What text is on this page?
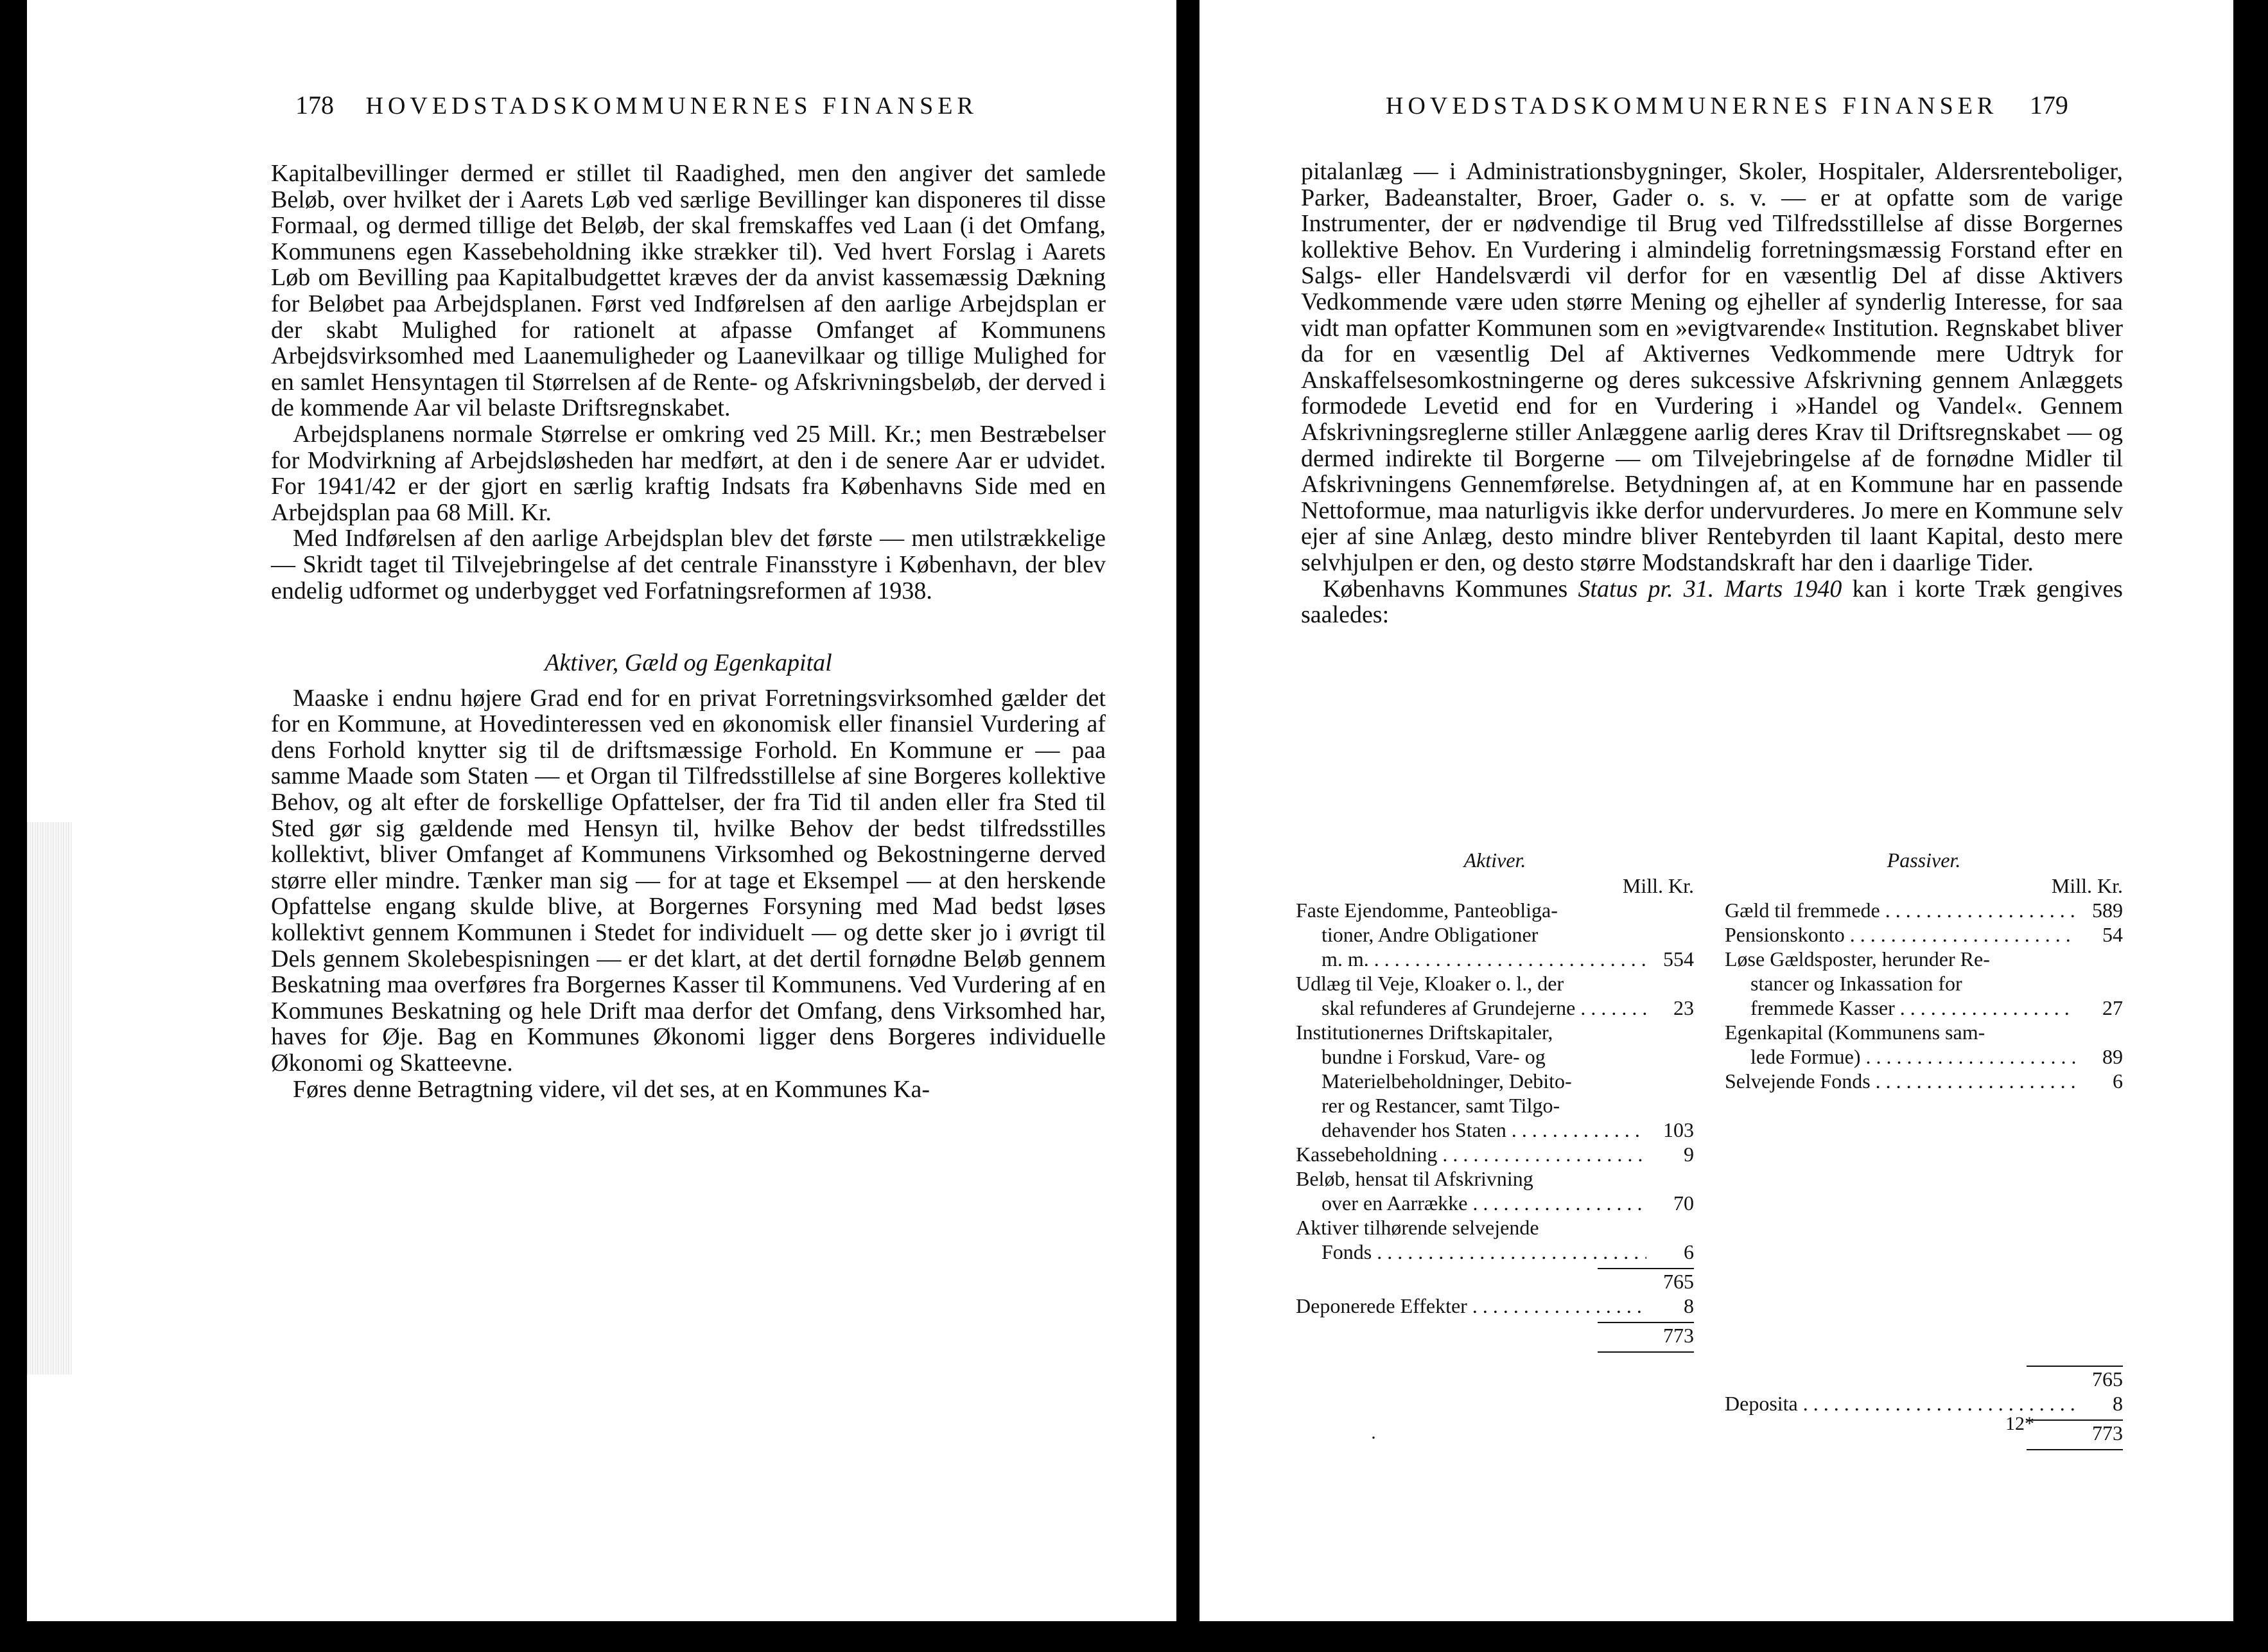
178 HOVEDSTADSKOMMUNERNES FINANSER

Kapitalbevillinger dermed er stillet til Raadighed, men den angiver det samlede Beløb, over hvilket der i Aarets Løb ved særlige Bevillinger kan disponeres til disse Formaal, og dermed tillige det Beløb, der skal fremskaffes ved Laan (i det Omfang, Kommunens egen Kassebeholdning ikke strækker til). Ved hvert Forslag i Aarets Løb om Bevilling paa Kapitalbudgettet kræves der da anvist kassemæssig Dækning for Beløbet paa Arbejdsplanen. Først ved Indførelsen af den aarlige Arbejdsplan er der skabt Mulighed for rationelt at afpasse Omfanget af Kommunens Arbejdsvirksomhed med Laanemuligheder og Laanevilkaar og tillige Mulighed for en samlet Hensyntagen til Størrelsen af de Rente- og Afskrivningsbeløb, der derved i de kommende Aar vil belaste Driftsregnskabet.

Arbejdsplanens normale Størrelse er omkring ved 25 Mill. Kr.; men Bestræbelser for Modvirkning af Arbejdsløsheden har medført, at den i de senere Aar er udvidet. For 1941/42 er der gjort en særlig kraftig Indsats fra Københavns Side med en Arbejdsplan paa 68 Mill. Kr.

Med Indførelsen af den aarlige Arbejdsplan blev det første — men utilstrækkelige — Skridt taget til Tilvejebringelse af det centrale Finansstyre i København, der blev endelig udformet og underbygget ved Forfatningsreformen af 1938.

Aktiver, Gæld og Egenkapital

Maaske i endnu højere Grad end for en privat Forretningsvirksomhed gælder det for en Kommune, at Hovedinteressen ved en økonomisk eller finansiel Vurdering af dens Forhold knytter sig til de driftsmæssige Forhold. En Kommune er — paa samme Maade som Staten — et Organ til Tilfredsstillelse af sine Borgeres kollektive Behov, og alt efter de forskellige Opfattelser, der fra Tid til anden eller fra Sted til Sted gør sig gældende med Hensyn til, hvilke Behov der bedst tilfredsstilles kollektivt, bliver Omfanget af Kommunens Virksomhed og Bekostningerne derved større eller mindre. Tænker man sig — for at tage et Eksempel — at den herskende Opfattelse engang skulde blive, at Borgernes Forsyning med Mad bedst løses kollektivt gennem Kommunen i Stedet for individuelt — og dette sker jo i øvrigt til Dels gennem Skolebespisningen — er det klart, at det dertil fornødne Beløb gennem Beskatning maa overføres fra Borgernes Kasser til Kommunens. Ved Vurdering af en Kommunes Beskatning og hele Drift maa derfor det Omfang, dens Virksomhed har, haves for Øje. Bag en Kommunes Økonomi ligger dens Borgeres individuelle Økonomi og Skatteevne.

Føres denne Betragtning videre, vil det ses, at en Kommunes Ka-

HOVEDSTADSKOMMUNERNES FINANSER 179

pitalanlæg — i Administrationsbygninger, Skoler, Hospitaler, Aldersrenteboliger, Parker, Badeanstalter, Broer, Gader o. s. v. — er at opfatte som de varige Instrumenter, der er nødvendige til Brug ved Tilfredsstillelse af disse Borgernes kollektive Behov. En Vurdering i almindelig forretningsmæssig Forstand efter en Salgs- eller Handelsværdi vil derfor for en væsentlig Del af disse Aktivers Vedkommende være uden større Mening og ejheller af synderlig Interesse, for saa vidt man opfatter Kommunen som en »evigtvarende« Institution. Regnskabet bliver da for en væsentlig Del af Aktivernes Vedkommende mere Udtryk for Anskaffelsesomkostningerne og deres sukcessive Afskrivning gennem Anlæggets formodede Levetid end for en Vurdering i »Handel og Vandel«. Gennem Afskrivningsreglerne stiller Anlæggene aarlig deres Krav til Driftsregnskabet — og dermed indirekte til Borgerne — om Tilvejebringelse af de fornødne Midler til Afskrivningens Gennemførelse. Betydningen af, at en Kommune har en passende Nettoformue, maa naturligvis ikke derfor undervurderes. Jo mere en Kommune selv ejer af sine Anlæg, desto mindre bliver Rentebyrden til laant Kapital, desto mere selvhjulpen er den, og desto større Modstandskraft har den i daarlige Tider.

Københavns Kommunes Status pr. 31. Marts 1940 kan i korte Træk gengives saaledes:

Aktiver.
Mill. Kr.
Faste Ejendomme, Panteobliga-
tioner, Andre Obligationer
m. m. . . .	554
Udlæg til Veje, Kloaker o. l., der
skal refunderes af Grundejerne . . .	23
Institutionernes Driftskapitaler,
bundne i Forskud, Vare- og
Materielbeholdninger, Debito-
rer og Restancer, samt Tilgo-
dehavender hos Staten . . .	103
Kassebeholdning . . .	9
Beløb, hensat til Afskrivning
over en Aarrække . . .	70
Aktiver tilhørende selvejende
Fonds . . .	6
765
Deponerede Effekter . . .	8
773
Passiver.
Mill. Kr.
Gæld til fremmede . . .	589
Pensionskonto . . .	54
Løse Gældsposter, herunder Re-
stancer og Inkassation for
fremmede Kasser . . .	27
Egenkapital (Kommunens sam-
lede Formue) . . .	89
Selvejende Fonds . . .	6
765
Deposita . . .	8
773
·
12*
